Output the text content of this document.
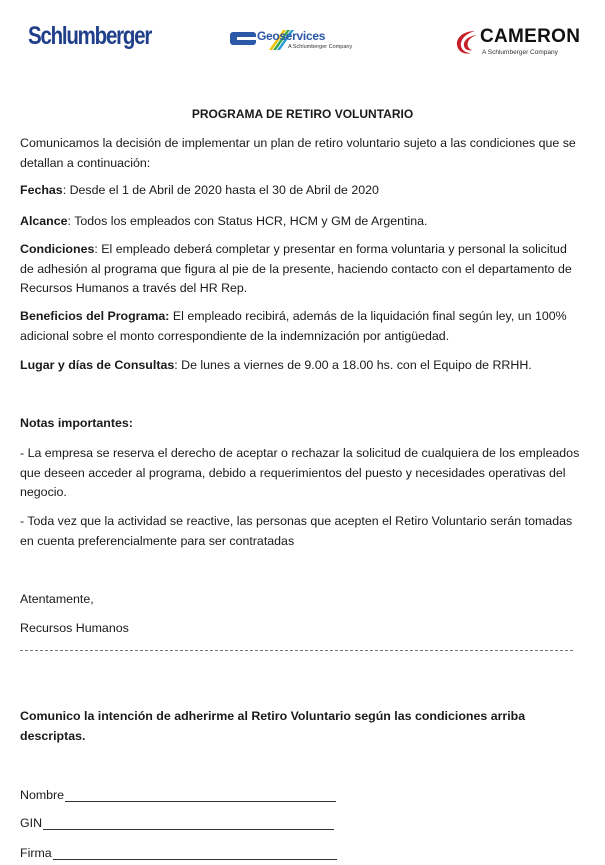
Schlumberger	Geoservices
A Schlumberger Company	CAMERON
A Schlumberger Company
PROGRAMA DE RETIRO VOLUNTARIO

Comunicamos la decisión de implementar un plan de retiro voluntario sujeto a las condiciones que se detallan a continuación:

Fechas: Desde el 1 de Abril de 2020 hasta el 30 de Abril de 2020

Alcance: Todos los empleados con Status HCR, HCM y GM de Argentina.

Condiciones: El empleado deberá completar y presentar en forma voluntaria y personal la solicitud de adhesión al programa que figura al pie de la presente, haciendo contacto con el departamento de Recursos Humanos a través del HR Rep.

Beneficios del Programa: El empleado recibirá, además de la liquidación final según ley, un 100% adicional sobre el monto correspondiente de la indemnización por antigüedad.

Lugar y días de Consultas: De lunes a viernes de 9.00 a 18.00 hs. con el Equipo de RRHH.

Notas importantes:

- La empresa se reserva el derecho de aceptar o rechazar la solicitud de cualquiera de los empleados que deseen acceder al programa, debido a requerimientos del puesto y necesidades operativas del negocio.

- Toda vez que la actividad se reactive, las personas que acepten el Retiro Voluntario serán tomadas en cuenta preferencialmente para ser contratadas

Atentamente,

Recursos Humanos

Comunico la intención de adherirme al Retiro Voluntario según las condiciones arriba descriptas.

Nombre
GIN
Firma
